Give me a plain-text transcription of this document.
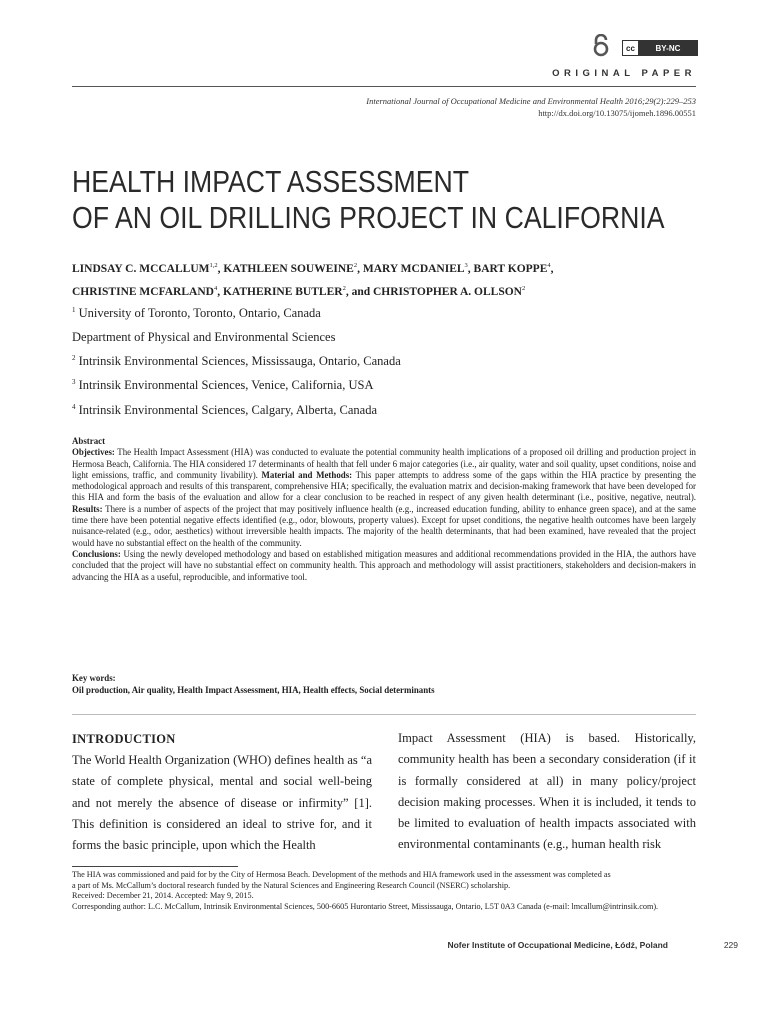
cc	BY-NC
ORIGINAL PAPER
International Journal of Occupational Medicine and Environmental Health 2016;29(2):229–253
http://dx.doi.org/10.13075/ijomeh.1896.00551
HEALTH IMPACT ASSESSMENT
OF AN OIL DRILLING PROJECT IN CALIFORNIA
LINDSAY C. MCCALLUM$^{1,2}$, KATHLEEN SOUWEINE$^2$, MARY MCDANIEL$^3$, BART KOPPE$^4$,
CHRISTINE MCFARLAND$^4$, KATHERINE BUTLER$^2$, and CHRISTOPHER A. OLLSON$^2$
$^1$ University of Toronto, Toronto, Ontario, Canada
Department of Physical and Environmental Sciences
$^2$ Intrinsik Environmental Sciences, Mississauga, Ontario, Canada
$^3$ Intrinsik Environmental Sciences, Venice, California, USA
$^4$ Intrinsik Environmental Sciences, Calgary, Alberta, Canada
Abstract
Objectives: The Health Impact Assessment (HIA) was conducted to evaluate the potential community health implications of a proposed oil drilling and production project in Hermosa Beach, California. The HIA considered 17 determinants of health that fell under 6 major categories (i.e., air quality, water and soil quality, upset conditions, noise and light emissions, traffic, and community livability). Material and Methods: This paper attempts to address some of the gaps within the HIA practice by presenting the methodological approach and results of this transparent, comprehensive HIA; specifically, the evaluation matrix and decision-making framework that have been developed for this HIA and form the basis of the evaluation and allow for a clear conclusion to be reached in respect of any given health determinant (i.e., positive, negative, neutral). Results: There is a number of aspects of the project that may positively influence health (e.g., increased education funding, ability to enhance green space), and at the same time there have been potential negative effects identified (e.g., odor, blowouts, property values). Except for upset conditions, the negative health outcomes have been largely nuisance-related (e.g., odor, aesthetics) without irreversible health impacts. The majority of the health determinants, that had been examined, have revealed that the project would have no substantial effect on the health of the community.
Conclusions: Using the newly developed methodology and based on established mitigation measures and additional recommendations provided in the HIA, the authors have concluded that the project will have no substantial effect on community health. This approach and methodology will assist practitioners, stakeholders and decision-makers in advancing the HIA as a useful, reproducible, and informative tool.
Key words:
Oil production, Air quality, Health Impact Assessment, HIA, Health effects, Social determinants
INTRODUCTION

The World Health Organization (WHO) defines health as “a state of complete physical, mental and social well-being and not merely the absence of disease or infirmity” [1]. This definition is considered an ideal to strive for, and it forms the basic principle, upon which the Health

Impact Assessment (HIA) is based. Historically, community health has been a secondary consideration (if it is formally considered at all) in many policy/project decision making processes. When it is included, it tends to be limited to evaluation of health impacts associated with environmental contaminants (e.g., human health risk

The HIA was commissioned and paid for by the City of Hermosa Beach. Development of the methods and HIA framework used in the assessment was completed as
a part of Ms. McCallum’s doctoral research funded by the Natural Sciences and Engineering Research Council (NSERC) scholarship.
Received: December 21, 2014. Accepted: May 9, 2015.
Corresponding author: L.C. McCallum, Intrinsik Environmental Sciences, 500-6605 Hurontario Street, Mississauga, Ontario, L5T 0A3 Canada (e-mail: lmcallum@intrinsik.com).
Nofer Institute of Occupational Medicine, Łódź, Poland	229
